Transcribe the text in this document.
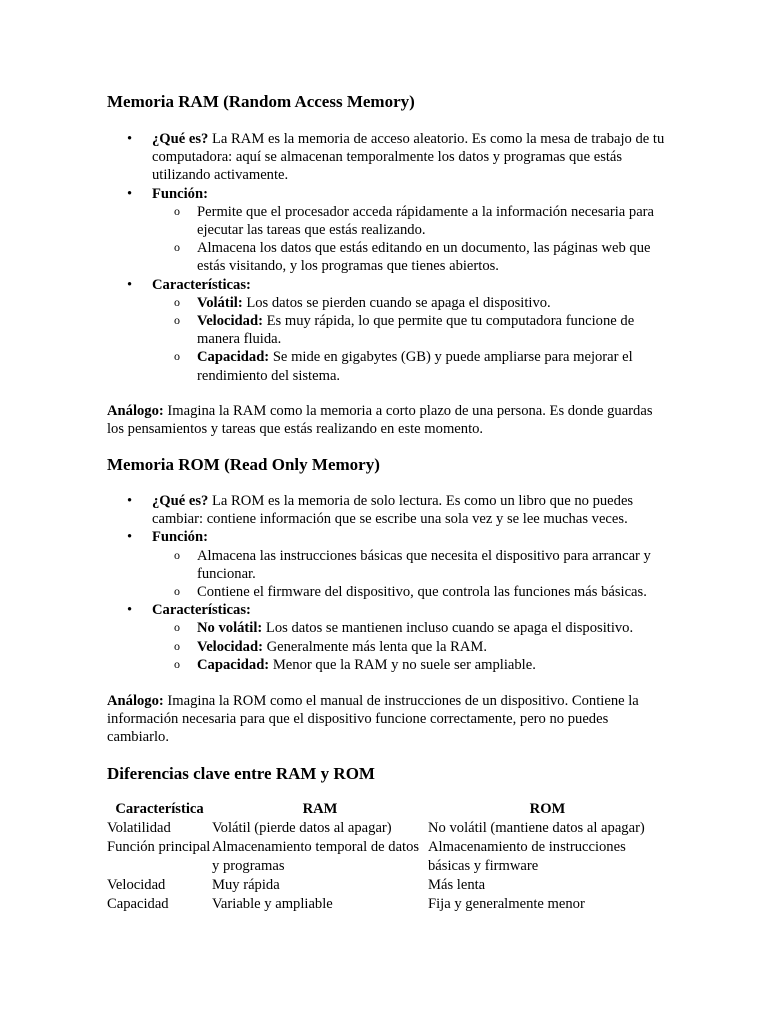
Memoria RAM (Random Access Memory)
• ¿Qué es? La RAM es la memoria de acceso aleatorio. Es como la mesa de trabajo de tu computadora: aquí se almacenan temporalmente los datos y programas que estás utilizando activamente.
• Función:
o Permite que el procesador acceda rápidamente a la información necesaria para ejecutar las tareas que estás realizando.
o Almacena los datos que estás editando en un documento, las páginas web que estás visitando, y los programas que tienes abiertos.
• Características:
o Volátil: Los datos se pierden cuando se apaga el dispositivo.
o Velocidad: Es muy rápida, lo que permite que tu computadora funcione de manera fluida.
o Capacidad: Se mide en gigabytes (GB) y puede ampliarse para mejorar el rendimiento del sistema.

Análogo: Imagina la RAM como la memoria a corto plazo de una persona. Es donde guardas los pensamientos y tareas que estás realizando en este momento.

Memoria ROM (Read Only Memory)
• ¿Qué es? La ROM es la memoria de solo lectura. Es como un libro que no puedes cambiar: contiene información que se escribe una sola vez y se lee muchas veces.
• Función:
o Almacena las instrucciones básicas que necesita el dispositivo para arrancar y funcionar.
o Contiene el firmware del dispositivo, que controla las funciones más básicas.
• Características:
o No volátil: Los datos se mantienen incluso cuando se apaga el dispositivo.
o Velocidad: Generalmente más lenta que la RAM.
o Capacidad: Menor que la RAM y no suele ser ampliable.

Análogo: Imagina la ROM como el manual de instrucciones de un dispositivo. Contiene la información necesaria para que el dispositivo funcione correctamente, pero no puedes cambiarlo.

Diferencias clave entre RAM y ROM
Característica	RAM	ROM
Volatilidad	Volátil (pierde datos al apagar)	No volátil (mantiene datos al apagar)
Función principal	Almacenamiento temporal de datos y programas	Almacenamiento de instrucciones básicas y firmware
Velocidad	Muy rápida	Más lenta
Capacidad	Variable y ampliable	Fija y generalmente menor
